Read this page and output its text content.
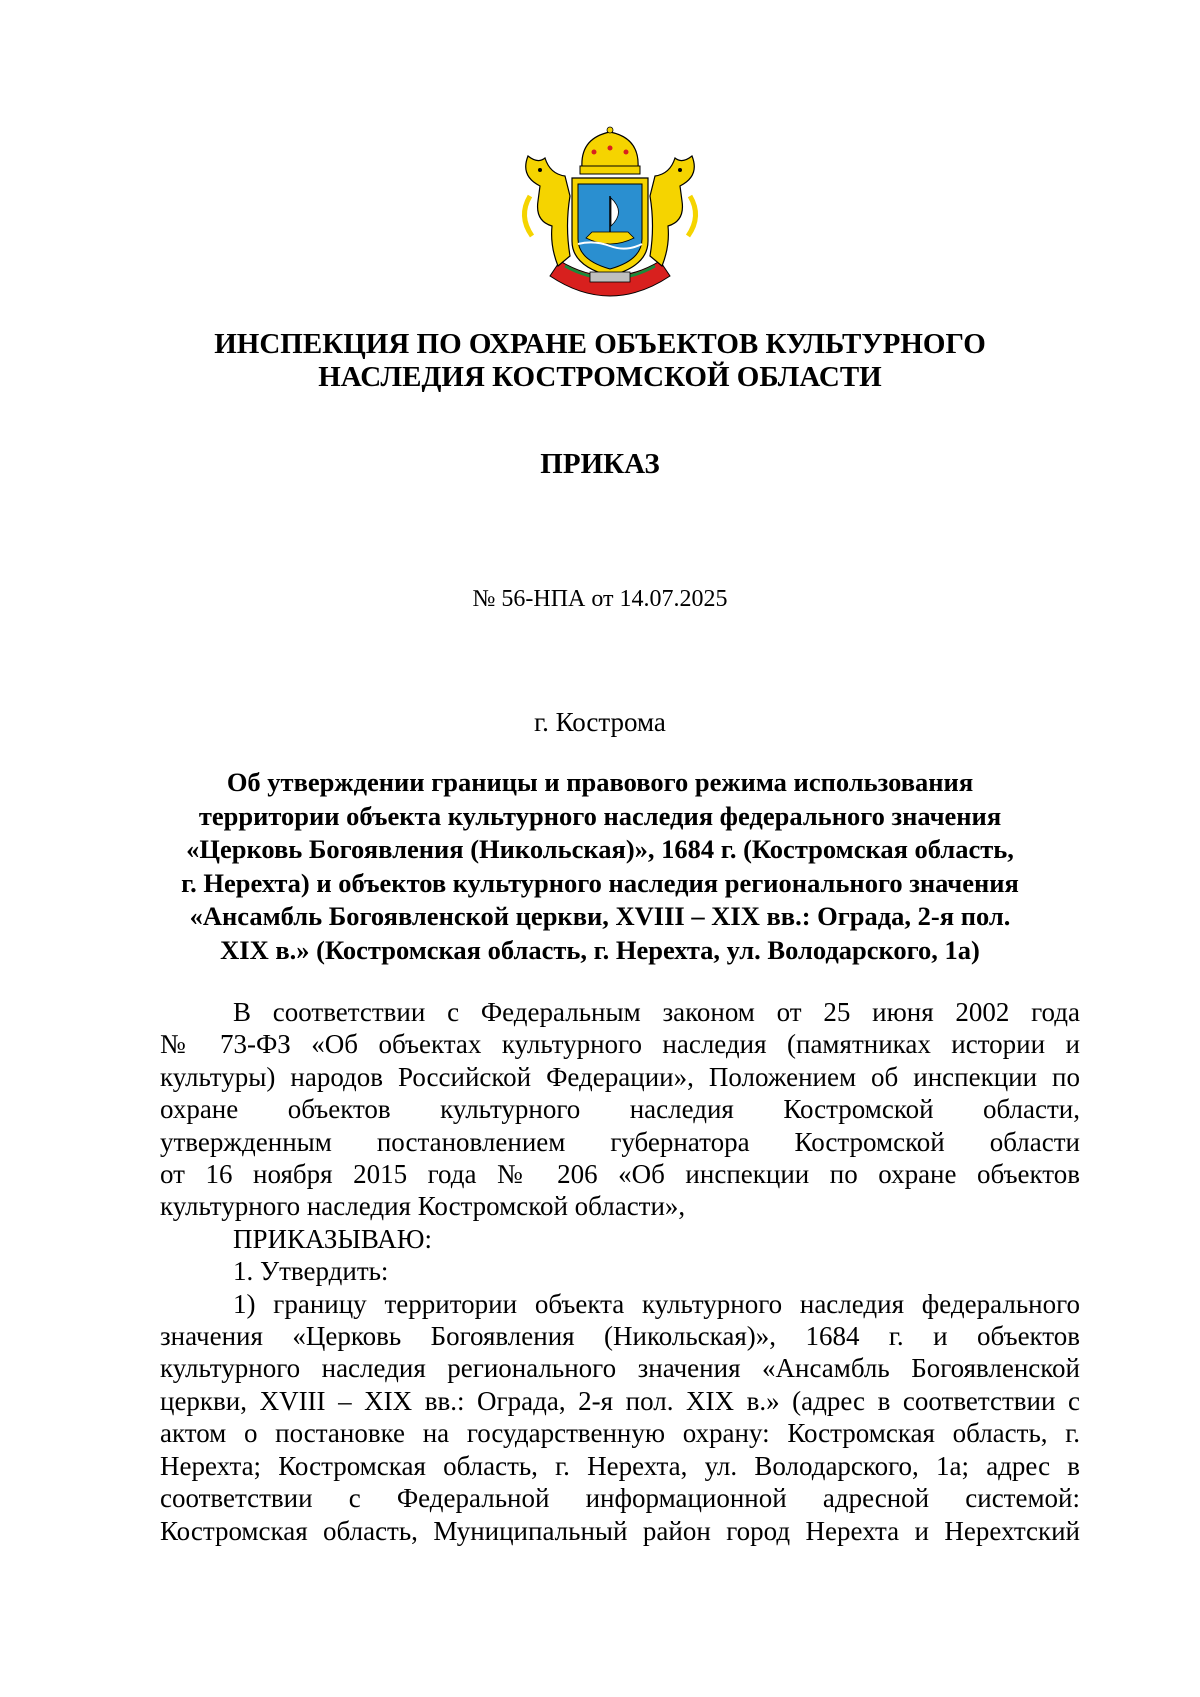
ИНСПЕКЦИЯ ПО ОХРАНЕ ОБЪЕКТОВ КУЛЬТУРНОГО
НАСЛЕДИЯ КОСТРОМСКОЙ ОБЛАСТИ
ПРИКАЗ
№ 56-НПА от 14.07.2025
г. Кострома
Об утверждении границы и правового режима использования
территории объекта культурного наследия федерального значения
«Церковь Богоявления (Никольская)», 1684 г. (Костромская область,
г. Нерехта) и объектов культурного наследия регионального значения
«Ансамбль Богоявленской церкви, XVIII – XIX вв.: Ограда, 2-я пол.
XIX в.» (Костромская область, г. Нерехта, ул. Володарского, 1а)
В соответствии с Федеральным законом от 25 июня 2002 года
№ 73-ФЗ «Об объектах культурного наследия (памятниках истории и
культуры) народов Российской Федерации», Положением об инспекции по
охране объектов культурного наследия Костромской области,
утвержденным постановлением губернатора Костромской области
от 16 ноября 2015 года № 206 «Об инспекции по охране объектов
культурного наследия Костромской области»,
ПРИКАЗЫВАЮ:
1. Утвердить:
1) границу территории объекта культурного наследия федерального
значения «Церковь Богоявления (Никольская)», 1684 г. и объектов
культурного наследия регионального значения «Ансамбль Богоявленской
церкви, XVIII – XIX вв.: Ограда, 2-я пол. XIX в.» (адрес в соответствии с
актом о постановке на государственную охрану: Костромская область, г.
Нерехта; Костромская область, г. Нерехта, ул. Володарского, 1а; адрес в
соответствии с Федеральной информационной адресной системой:
Костромская область, Муниципальный район город Нерехта и Нерехтский
